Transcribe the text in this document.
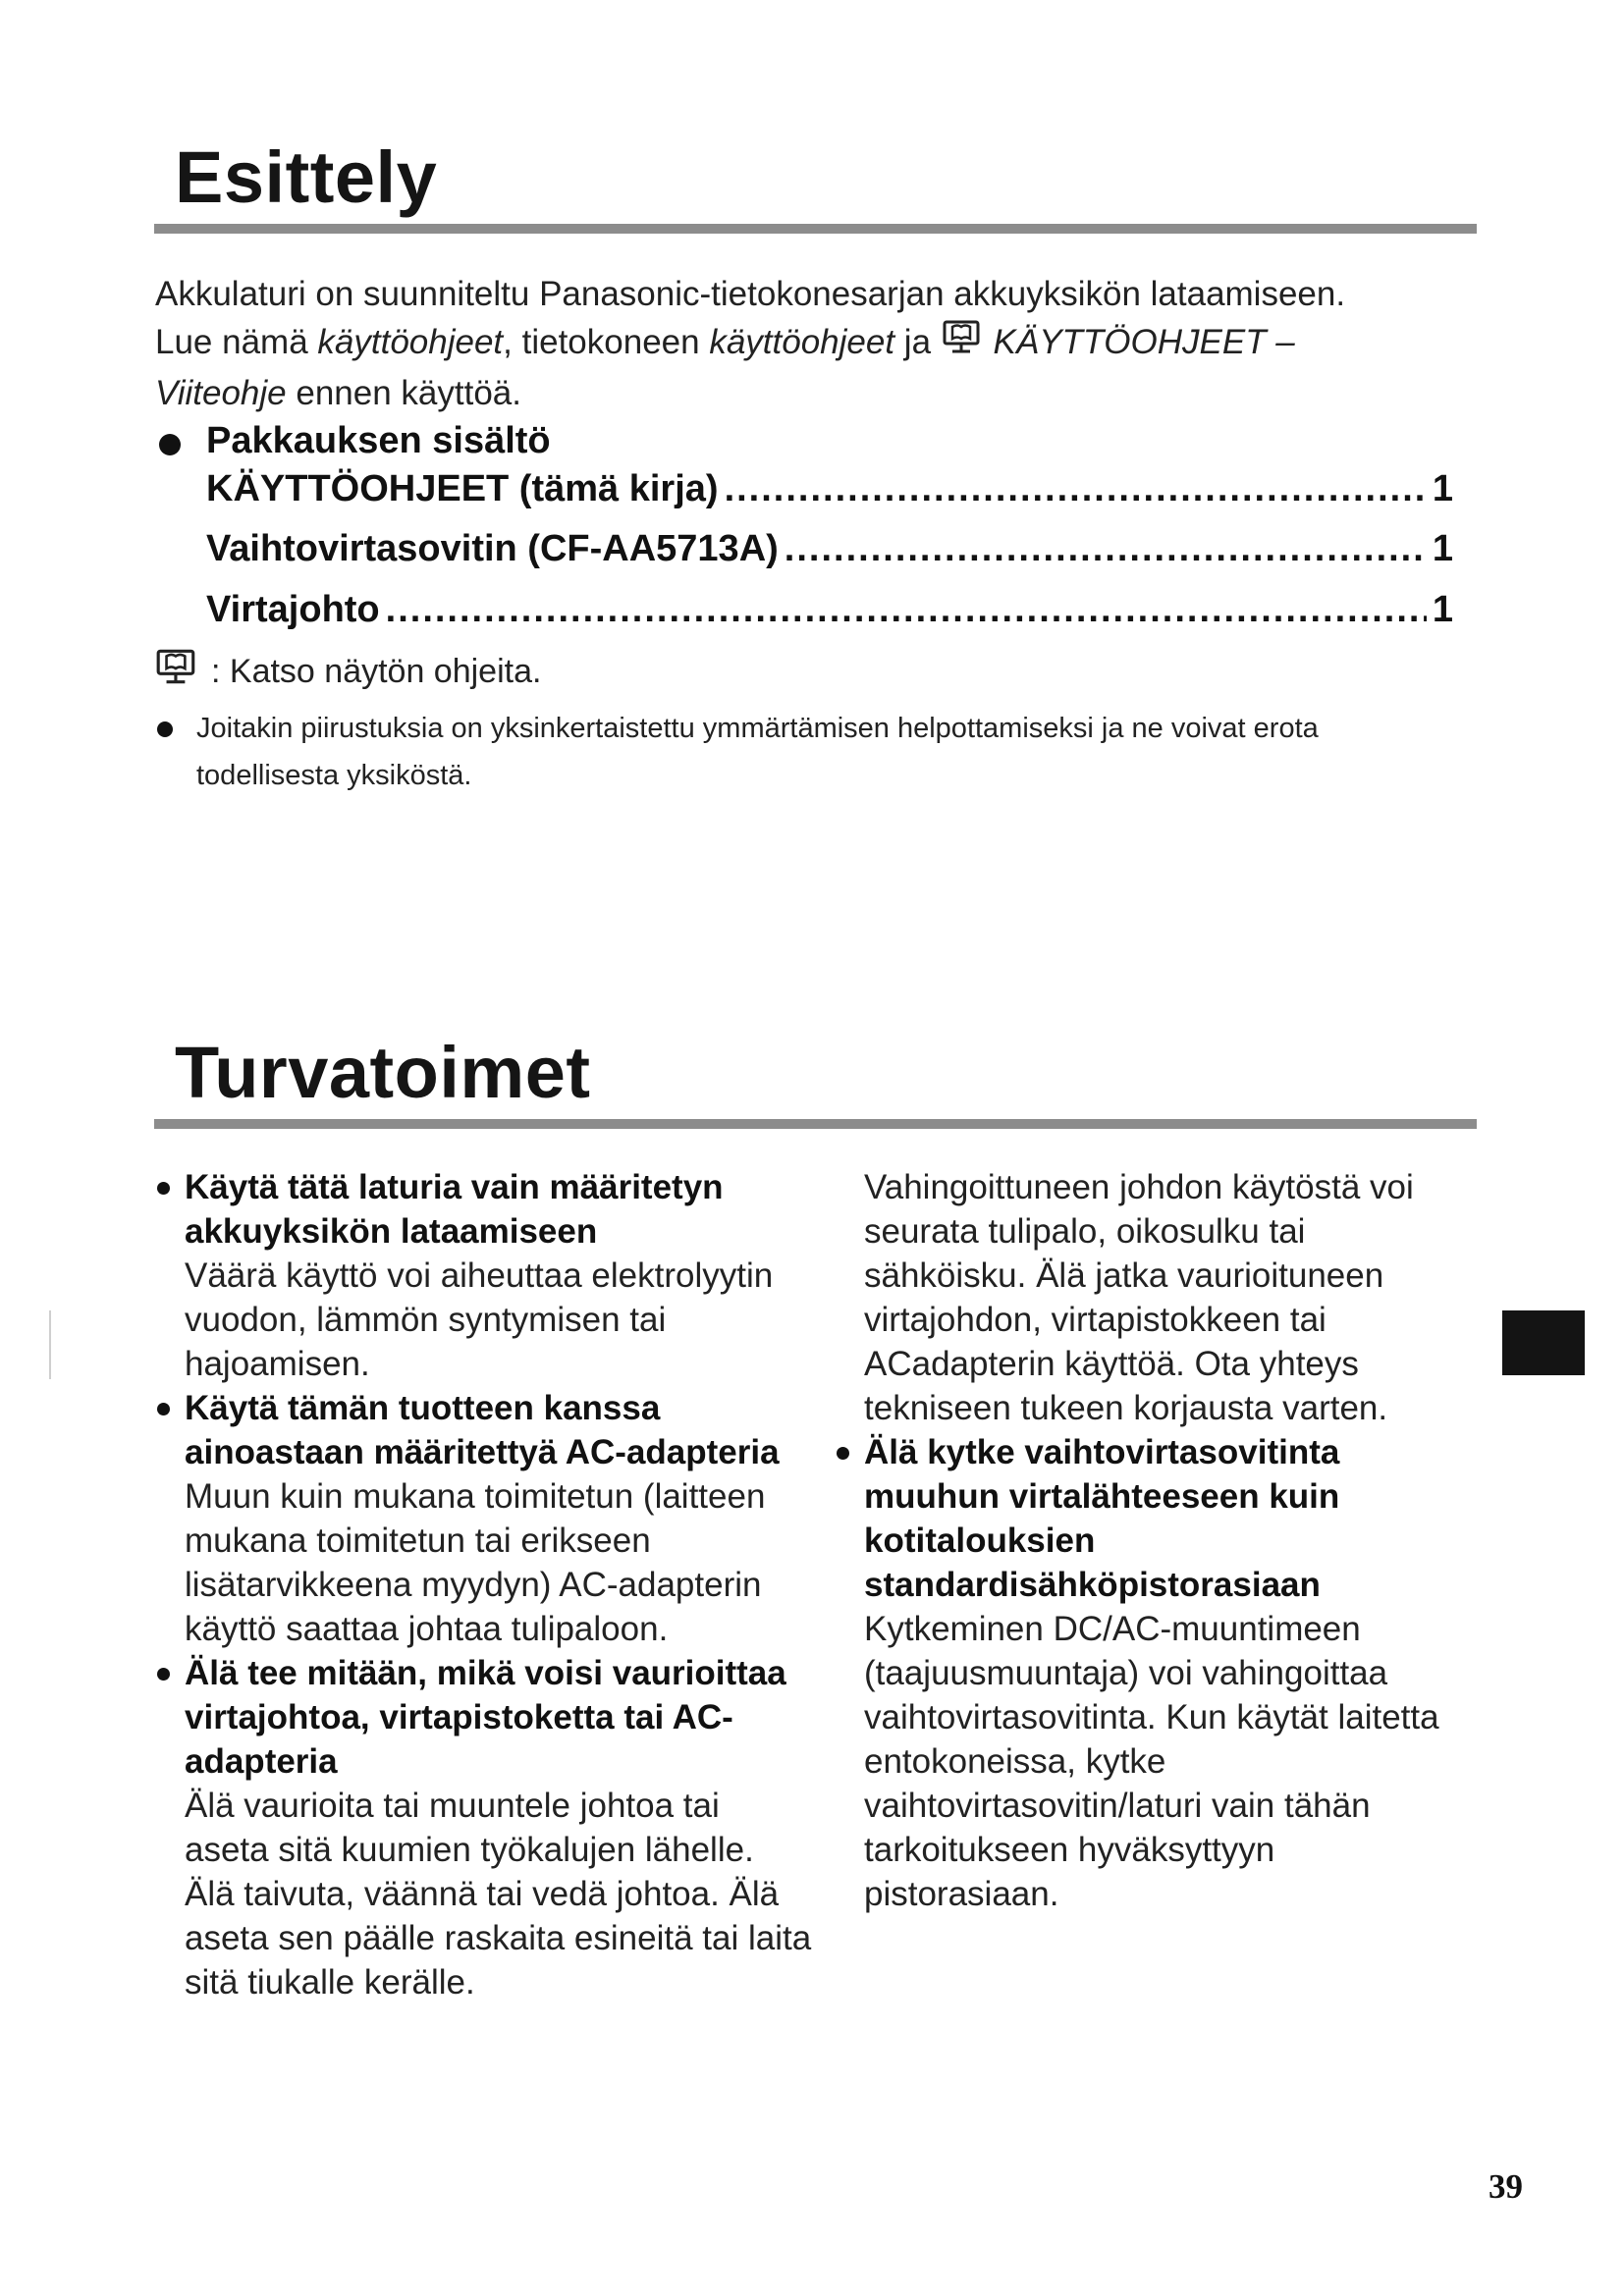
Esittely
Akkulaturi on suunniteltu Panasonic-tietokonesarjan akkuyksikön lataamiseen.
Lue nämä käyttöohjeet, tietokoneen käyttöohjeet ja  KÄYTTÖOHJEET –
Viiteohje ennen käyttöä.
Pakkauksen sisältö
KÄYTTÖOHJEET (tämä kirja) .....	1
Vaihtovirtasovitin (CF-AA5713A) .....	1
Virtajohto .....	1
: Katso näytön ohjeita.
Joitakin piirustuksia on yksinkertaistettu ymmärtämisen helpottamiseksi ja ne voivat erota todellisesta yksiköstä.
Turvatoimet
Käytä tätä laturia vain määritetyn akkuyksikön lataamiseen
Väärä käyttö voi aiheuttaa elektrolyytin vuodon, lämmön syntymisen tai hajoamisen.
Käytä tämän tuotteen kanssa ainoastaan määritettyä AC-adapteria
Muun kuin mukana toimitetun (laitteen mukana toimitetun tai erikseen lisätarvikkeena myydyn) AC-adapterin käyttö saattaa johtaa tulipaloon.
Älä tee mitään, mikä voisi vaurioittaa virtajohtoa, virtapistoketta tai AC-adapteria
Älä vaurioita tai muuntele johtoa tai aseta sitä kuumien työkalujen lähelle. Älä taivuta, väännä tai vedä johtoa. Älä aseta sen päälle raskaita esineitä tai laita sitä tiukalle kerälle.
Vahingoittuneen johdon käytöstä voi seurata tulipalo, oikosulku tai sähköisku. Älä jatka vaurioituneen virtajohdon, virtapistokkeen tai ACadapterin käyttöä. Ota yhteys tekniseen tukeen korjausta varten.
Älä kytke vaihtovirtasovitinta muuhun virtalähteeseen kuin kotitalouksien standardisähköpistorasiaan
Kytkeminen DC/AC-muuntimeen (taajuusmuuntaja) voi vahingoittaa vaihtovirtasovitinta. Kun käytät laitetta entokoneissa, kytke vaihtovirtasovitin/laturi vain tähän tarkoitukseen hyväksyttyyn pistorasiaan.
39
